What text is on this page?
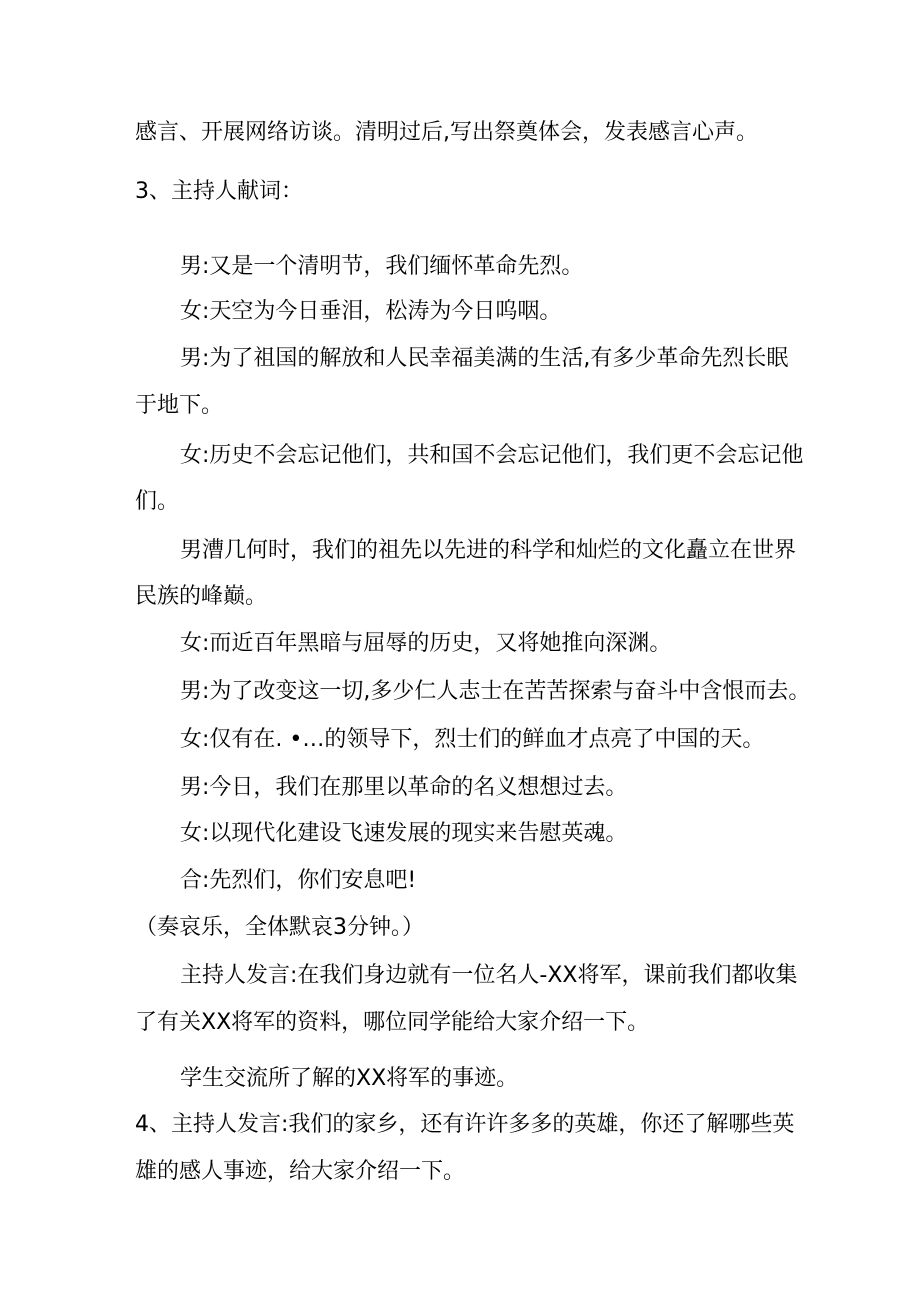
感言、开展网络访谈。清明过后,写出祭奠体会，发表感言心声。
3、主持人献词：
男:又是一个清明节，我们缅怀革命先烈。
女:天空为今日垂泪，松涛为今日呜咽。
男:为了祖国的解放和人民幸福美满的生活,有多少革命先烈长眠
于地下。
女:历史不会忘记他们，共和国不会忘记他们，我们更不会忘记他
们。
男漕几何时，我们的祖先以先进的科学和灿烂的文化矗立在世界
民族的峰巅。
女:而近百年黑暗与屈辱的历史，又将她推向深渊。
男:为了改变这一切,多少仁人志士在苦苦探索与奋斗中含恨而去。
女:仅有在. •…的领导下，烈士们的鲜血才点亮了中国的天。
男:今日，我们在那里以革命的名义想想过去。
女:以现代化建设飞速发展的现实来告慰英魂。
合:先烈们，你们安息吧!
（奏哀乐，全体默哀3分钟。）
主持人发言:在我们身边就有一位名人-XX将军，课前我们都收集
了有关XX将军的资料，哪位同学能给大家介绍一下。
学生交流所了解的XX将军的事迹。
4、主持人发言:我们的家乡，还有许许多多的英雄，你还了解哪些英
雄的感人事迹，给大家介绍一下。
